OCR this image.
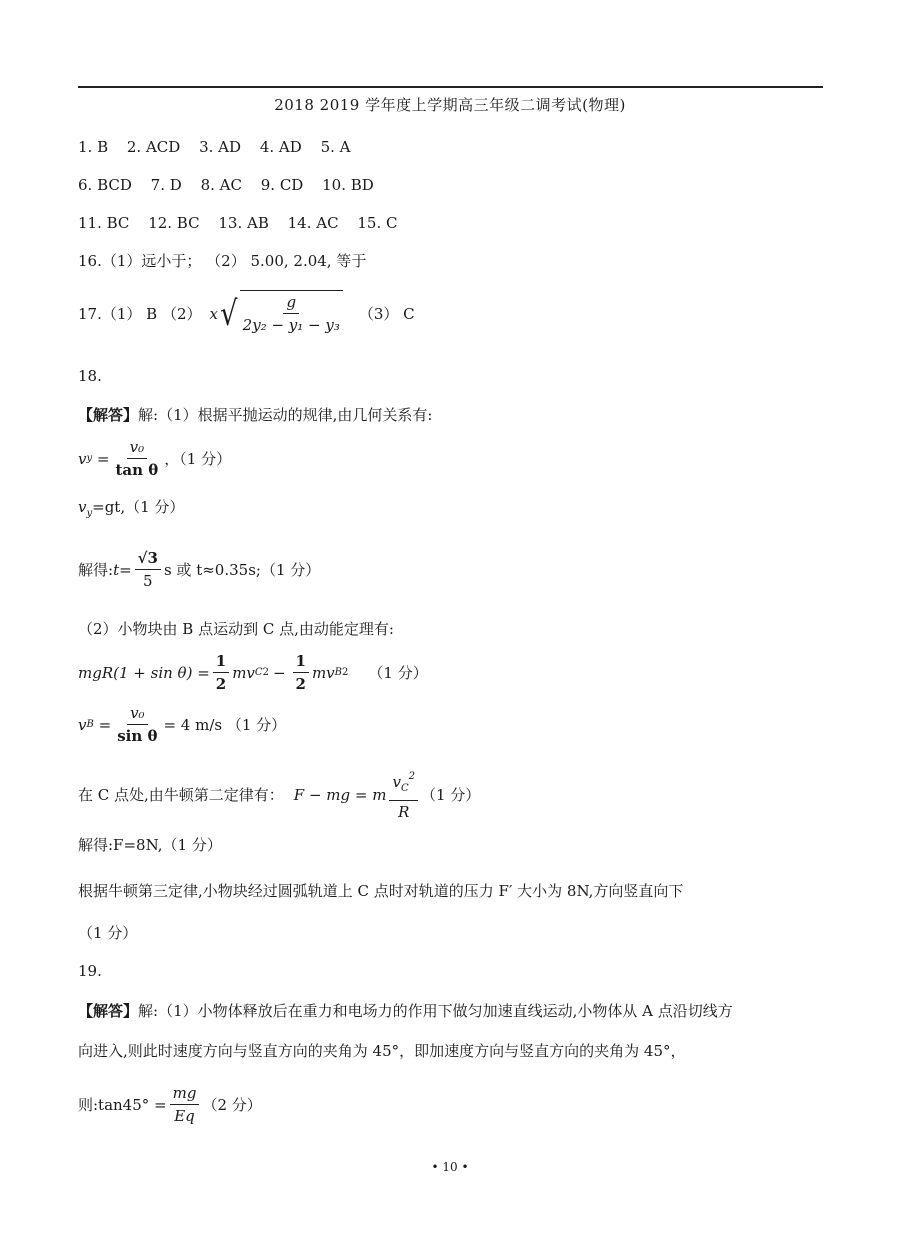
2018 2019 学年度上学期高三年级二调考试(物理)
1. B 2. ACD 3. AD 4. AD 5. A
6. BCD 7. D 8. AC 9. CD 10. BD
11. BC 12. BC 13. AB 14. AC 15. C
16.（1）远小于； （2） 5.00, 2.04, 等于
17.（1） B （2） x √ $\frac{g}{\text{2y₂ − y₁ − y₃}} (3)$ C
18.
【解答】解:（1）根据平抛运动的规律,由几何关系有:
v $y = \frac{\text{v₀}}{\text{tan θ}}$ ，（1 分）
$v_y=gt,(1$ 分）
解得: $t= \frac{√3}{5}$ s 或 t≈0.35s;（1 分）
（2）小物块由 B 点运动到 C 点,由动能定理有:
$mgR(1 + \sin \theta) = \frac{1}{2}$ mv C $2 - \frac{1}{2}$ mv B 2 （1 分）
v $B = \frac{\text{v₀}}{\text{sin θ}} = 4$ m/s （1 分）
在 C 点处,由牛顿第二定律有： F − mg = m $\frac{v_C^2}{R} (1$ 分）
解得:F=8N,（1 分）
根据牛顿第三定律,小物块经过圆弧轨道上 C 点时对轨道的压力 F′ 大小为 8N,方向竖直向下
（1 分）
19.
【解答】解:（1）小物体释放后在重力和电场力的作用下做匀加速直线运动,小物体从 A 点沿切线方
向进入,则此时速度方向与竖直方向的夹角为 45°，即加速度方向与竖直方向的夹角为 45°，
则:tan45° = $\frac{mg}{Eq} (2$ 分）
• 10 •
